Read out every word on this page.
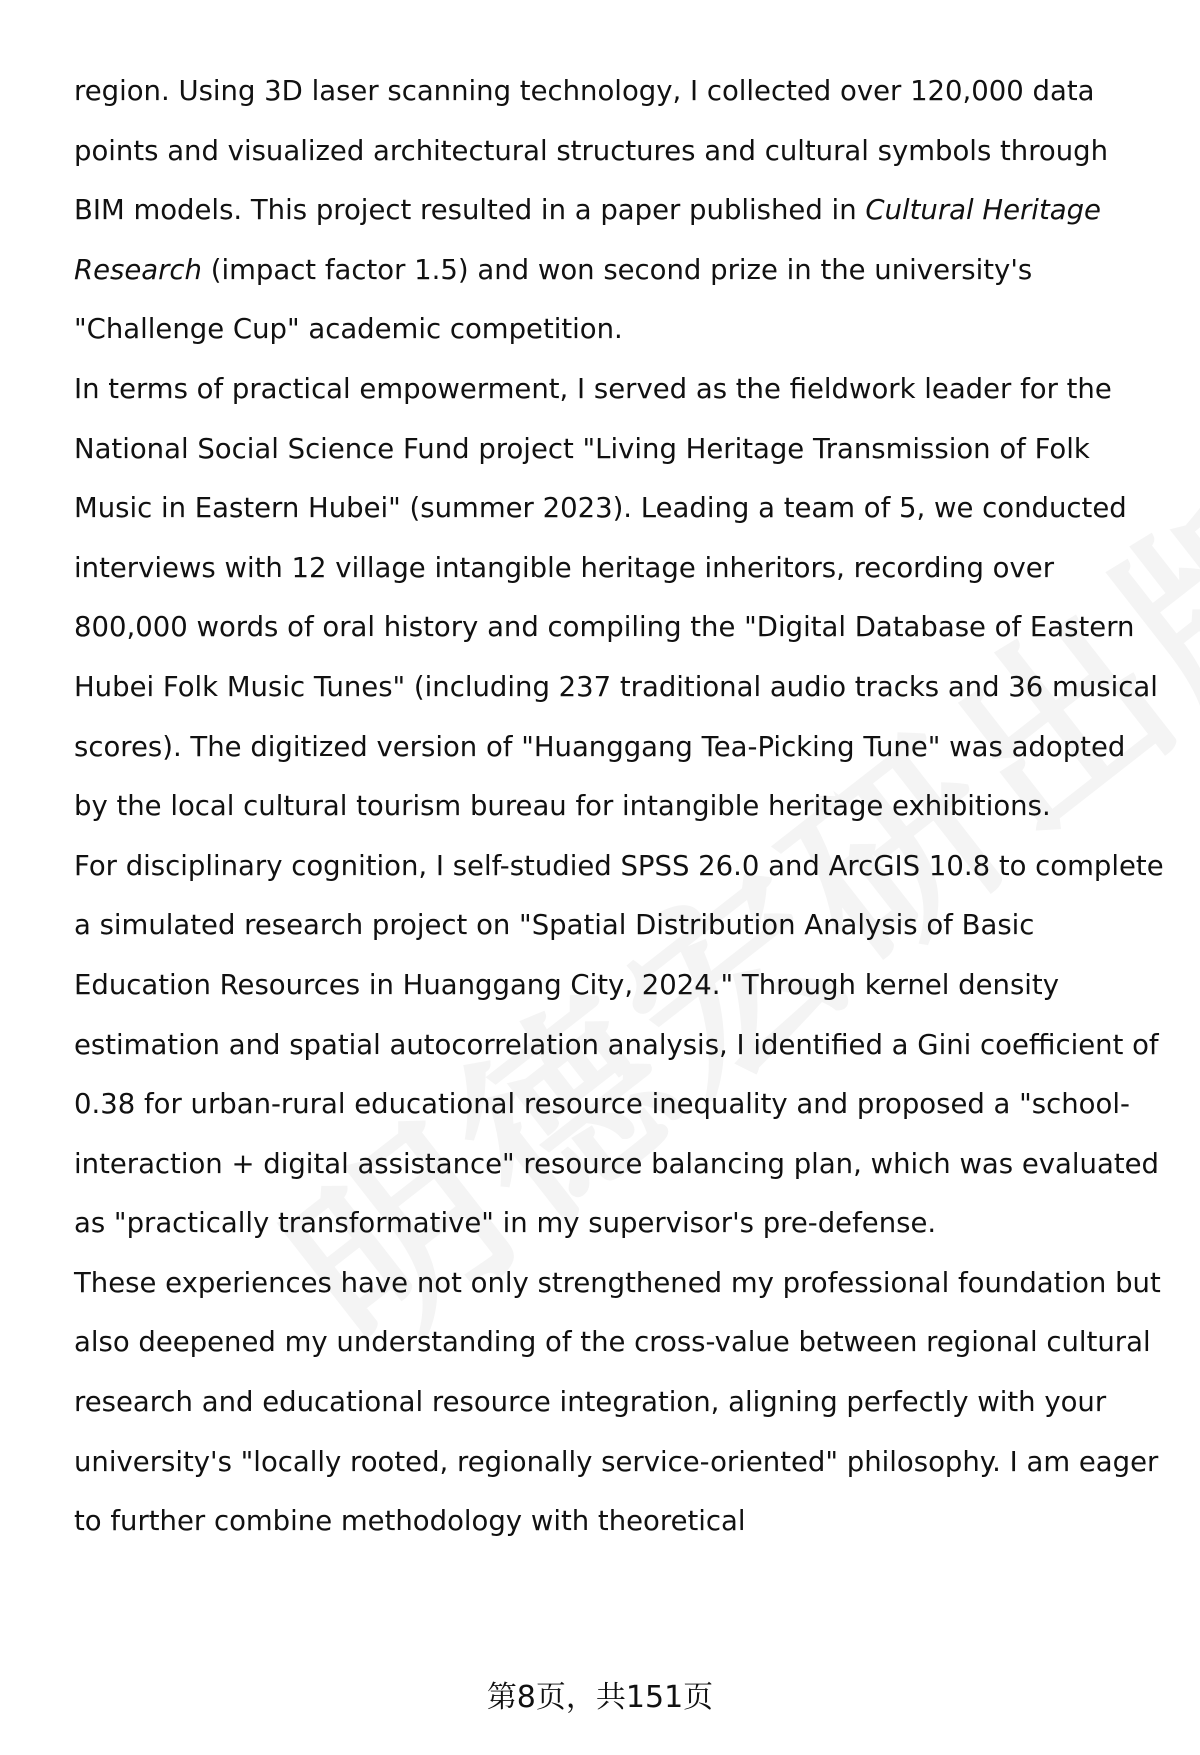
region. Using 3D laser scanning technology, I collected over 120,000 data points and visualized architectural structures and cultural symbols through BIM models. This project resulted in a paper published in Cultural Heritage Research (impact factor 1.5) and won second prize in the university's "Challenge Cup" academic competition.

In terms of practical empowerment, I served as the fieldwork leader for the National Social Science Fund project "Living Heritage Transmission of Folk Music in Eastern Hubei" (summer 2023). Leading a team of 5, we conducted interviews with 12 village intangible heritage inheritors, recording over 800,000 words of oral history and compiling the "Digital Database of Eastern Hubei Folk Music Tunes" (including 237 traditional audio tracks and 36 musical scores). The digitized version of "Huanggang Tea-Picking Tune" was adopted by the local cultural tourism bureau for intangible heritage exhibitions.

For disciplinary cognition, I self-studied SPSS 26.0 and ArcGIS 10.8 to complete a simulated research project on "Spatial Distribution Analysis of Basic Education Resources in Huanggang City, 2024." Through kernel density estimation and spatial autocorrelation analysis, I identified a Gini coefficient of 0.38 for urban-rural educational resource inequality and proposed a "school-interaction + digital assistance" resource balancing plan, which was evaluated as "practically transformative" in my supervisor's pre-defense.

These experiences have not only strengthened my professional foundation but also deepened my understanding of the cross-value between regional cultural research and educational resource integration, aligning perfectly with your university's "locally rooted, regionally service-oriented" philosophy. I am eager to further combine methodology with theoretical

第8页，共151页
